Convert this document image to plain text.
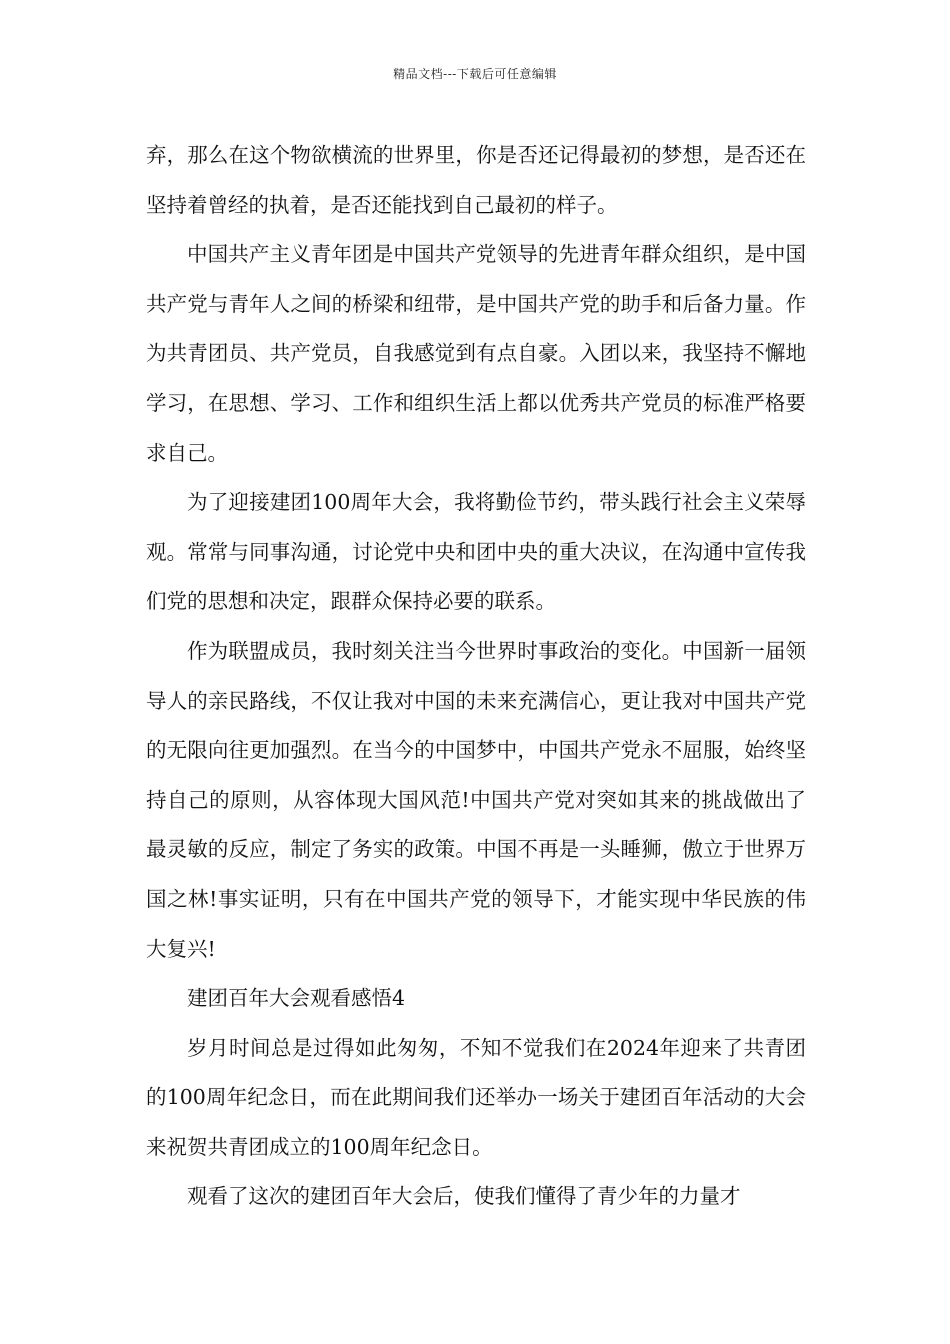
精品文档---下载后可任意编辑

弃，那么在这个物欲横流的世界里，你是否还记得最初的梦想，是否还在坚持着曾经的执着，是否还能找到自己最初的样子。

中国共产主义青年团是中国共产党领导的先进青年群众组织，是中国共产党与青年人之间的桥梁和纽带，是中国共产党的助手和后备力量。作为共青团员、共产党员，自我感觉到有点自豪。入团以来，我坚持不懈地学习，在思想、学习、工作和组织生活上都以优秀共产党员的标准严格要求自己。

为了迎接建团100周年大会，我将勤俭节约，带头践行社会主义荣辱观。常常与同事沟通，讨论党中央和团中央的重大决议，在沟通中宣传我们党的思想和决定，跟群众保持必要的联系。

作为联盟成员，我时刻关注当今世界时事政治的变化。中国新一届领导人的亲民路线，不仅让我对中国的未来充满信心，更让我对中国共产党的无限向往更加强烈。在当今的中国梦中，中国共产党永不屈服，始终坚持自己的原则，从容体现大国风范!中国共产党对突如其来的挑战做出了最灵敏的反应，制定了务实的政策。中国不再是一头睡狮，傲立于世界万国之林!事实证明，只有在中国共产党的领导下，才能实现中华民族的伟大复兴!

建团百年大会观看感悟4

岁月时间总是过得如此匆匆，不知不觉我们在2024年迎来了共青团的100周年纪念日，而在此期间我们还举办一场关于建团百年活动的大会来祝贺共青团成立的100周年纪念日。

观看了这次的建团百年大会后，使我们懂得了青少年的力量才
